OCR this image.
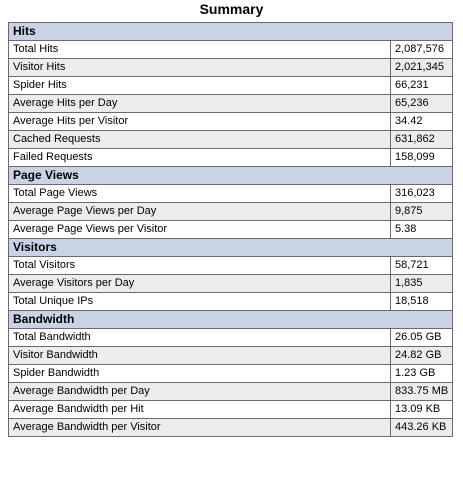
Summary
Hits	
Total Hits	2,087,576
Visitor Hits	2,021,345
Spider Hits	66,231
Average Hits per Day	65,236
Average Hits per Visitor	34.42
Cached Requests	631,862
Failed Requests	158,099
Page Views	
Total Page Views	316,023
Average Page Views per Day	9,875
Average Page Views per Visitor	5.38
Visitors	
Total Visitors	58,721
Average Visitors per Day	1,835
Total Unique IPs	18,518
Bandwidth	
Total Bandwidth	26.05 GB
Visitor Bandwidth	24.82 GB
Spider Bandwidth	1.23 GB
Average Bandwidth per Day	833.75 MB
Average Bandwidth per Hit	13.09 KB
Average Bandwidth per Visitor	443.26 KB
